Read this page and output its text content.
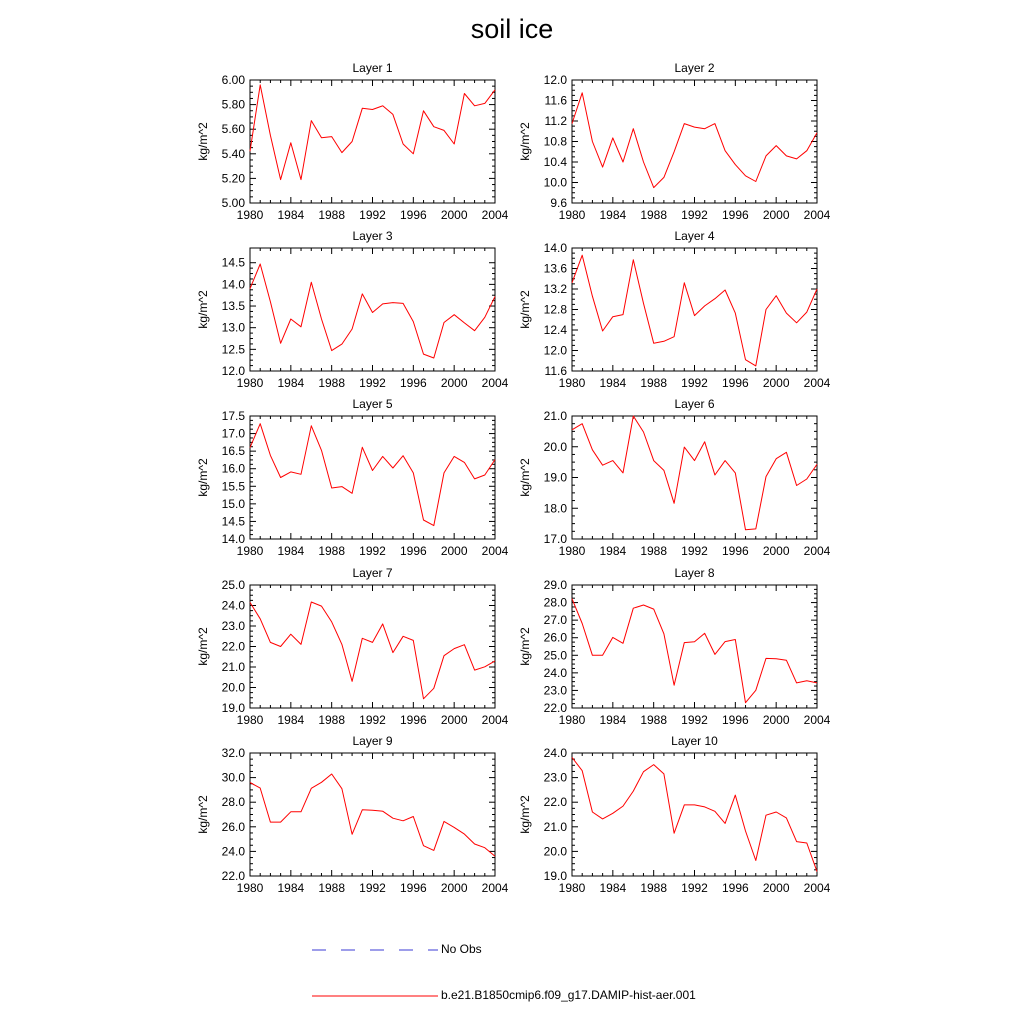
soil ice
Layer 1
kg/m^2
1980 1984 1988 1992 1996 2000 2004
5.00
5.20
5.40
5.60
5.80
6.00
Layer 2
kg/m^2
1980 1984 1988 1992 1996 2000 2004
9.6
10.0
10.4
10.8
11.2
11.6
12.0
Layer 3
kg/m^2
1980 1984 1988 1992 1996 2000 2004
12.0
12.5
13.0
13.5
14.0
14.5
Layer 4
kg/m^2
1980 1984 1988 1992 1996 2000 2004
11.6
12.0
12.4
12.8
13.2
13.6
14.0
Layer 5
kg/m^2
1980 1984 1988 1992 1996 2000 2004
14.0
14.5
15.0
15.5
16.0
16.5
17.0
17.5
Layer 6
kg/m^2
1980 1984 1988 1992 1996 2000 2004
17.0
18.0
19.0
20.0
21.0
Layer 7
kg/m^2
1980 1984 1988 1992 1996 2000 2004
19.0
20.0
21.0
22.0
23.0
24.0
25.0
Layer 8
kg/m^2
1980 1984 1988 1992 1996 2000 2004
22.0
23.0
24.0
25.0
26.0
27.0
28.0
29.0
Layer 9
kg/m^2
1980 1984 1988 1992 1996 2000 2004
22.0
24.0
26.0
28.0
30.0
32.0
Layer 10
kg/m^2
1980 1984 1988 1992 1996 2000 2004
19.0
20.0
21.0
22.0
23.0
24.0
No Obs
b.e21.B1850cmip6.f09_g17.DAMIP-hist-aer.001
